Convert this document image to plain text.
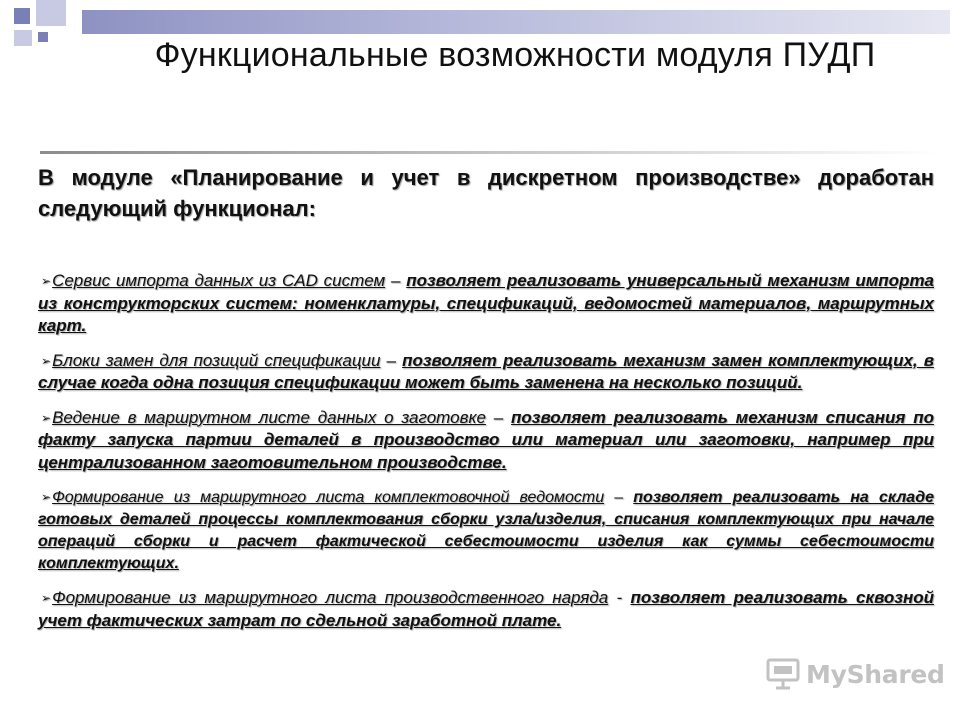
Функциональные возможности модуля ПУДП
В модуле «Планирование и учет в дискретном производстве» доработан следующий функционал:
➢Сервис импорта данных из CAD систем – позволяет реализовать универсальный механизм импорта из конструкторских систем: номенклатуры, спецификаций, ведомостей материалов, маршрутных карт.
➢Блоки замен для позиций спецификации – позволяет реализовать механизм замен комплектующих, в случае когда одна позиция спецификации может быть заменена на несколько позиций.
➢Ведение в маршрутном листе данных о заготовке – позволяет реализовать механизм списания по факту запуска партии деталей в производство или материал или заготовки, например при централизованном заготовительном производстве.
➢Формирование из маршрутного листа комплектовочной ведомости – позволяет реализовать на складе готовых деталей процессы комплектования сборки узла/изделия, списания комплектующих при начале операций сборки и расчет фактической себестоимости изделия как суммы себестоимости комплектующих.
➢Формирование из маршрутного листа производственного наряда - позволяет реализовать сквозной учет фактических затрат по сдельной заработной плате.
MyShared
